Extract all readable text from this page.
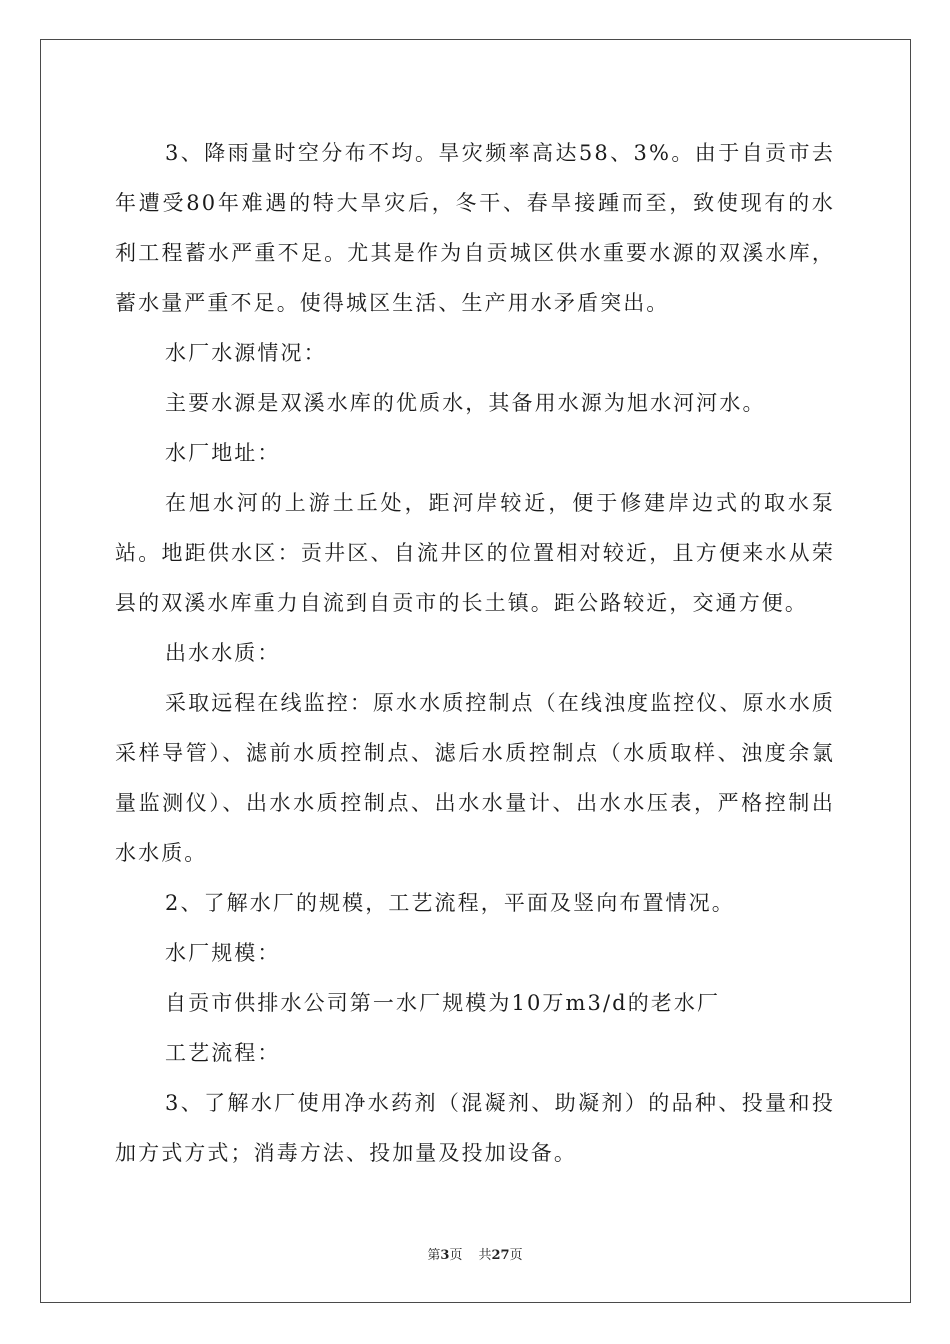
3、降雨量时空分布不均。旱灾频率高达58、3%。由于自贡市去年遭受80年难遇的特大旱灾后，冬干、春旱接踵而至，致使现有的水利工程蓄水严重不足。尤其是作为自贡城区供水重要水源的双溪水库，蓄水量严重不足。使得城区生活、生产用水矛盾突出。

水厂水源情况：

主要水源是双溪水库的优质水，其备用水源为旭水河河水。

水厂地址：

在旭水河的上游土丘处，距河岸较近，便于修建岸边式的取水泵站。地距供水区：贡井区、自流井区的位置相对较近，且方便来水从荣县的双溪水库重力自流到自贡市的长土镇。距公路较近，交通方便。

出水水质：

采取远程在线监控：原水水质控制点（在线浊度监控仪、原水水质采样导管）、滤前水质控制点、滤后水质控制点（水质取样、浊度余氯量监测仪）、出水水质控制点、出水水量计、出水水压表，严格控制出水水质。

2、了解水厂的规模，工艺流程，平面及竖向布置情况。

水厂规模：

自贡市供排水公司第一水厂规模为10万m3/d的老水厂

工艺流程：

3、了解水厂使用净水药剂（混凝剂、助凝剂）的品种、投量和投加方式方式；消毒方法、投加量及投加设备。

第3页 共27页
